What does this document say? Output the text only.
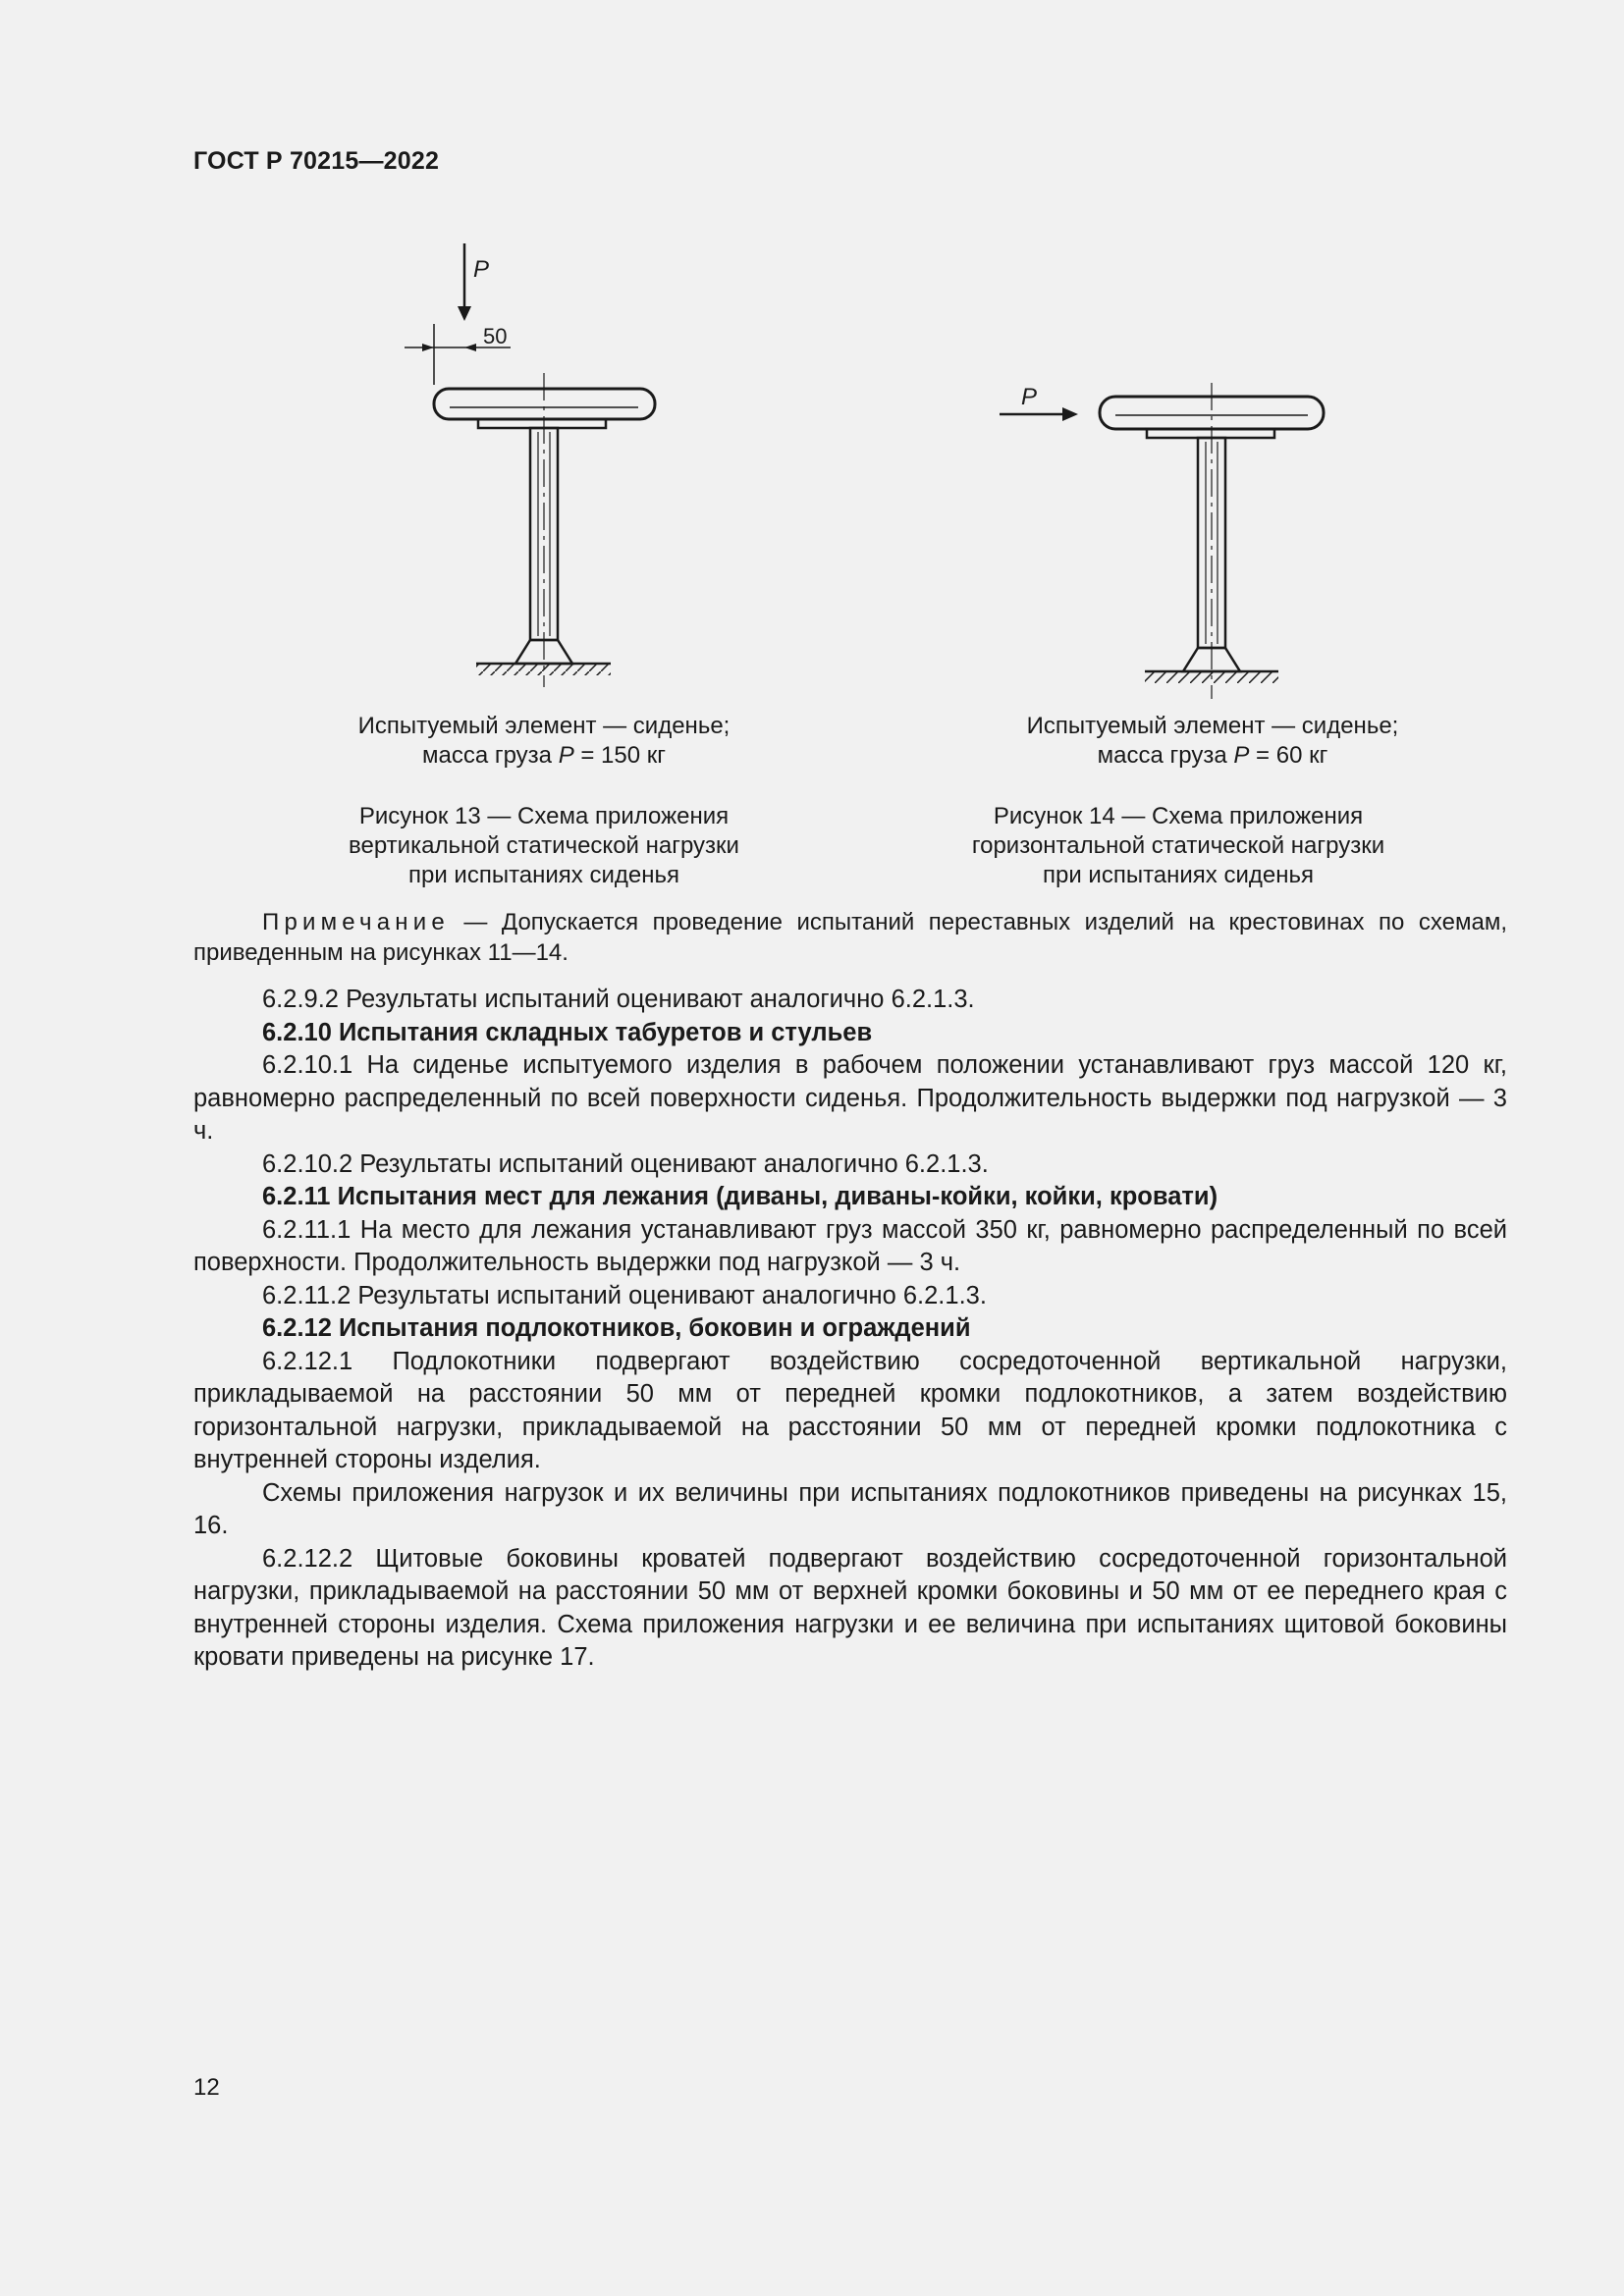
ГОСТ Р 70215—2022
P
50
P
Испытуемый элемент — сиденье;
масса груза P = 150 кг
Рисунок 13 — Схема приложения
вертикальной статической нагрузки
при испытаниях сиденья
Испытуемый элемент — сиденье;
масса груза P = 60 кг
Рисунок 14 — Схема приложения
горизонтальной статической нагрузки
при испытаниях сиденья

Примечание — Допускается проведение испытаний переставных изделий на крестовинах по схемам, приведенным на рисунках 11—14.

6.2.9.2 Результаты испытаний оценивают аналогично 6.2.1.3.

6.2.10 Испытания складных табуретов и стульев

6.2.10.1 На сиденье испытуемого изделия в рабочем положении устанавливают груз массой 120 кг, равномерно распределенный по всей поверхности сиденья. Продолжительность выдержки под нагрузкой — 3 ч.

6.2.10.2 Результаты испытаний оценивают аналогично 6.2.1.3.

6.2.11 Испытания мест для лежания (диваны, диваны-койки, койки, кровати)

6.2.11.1 На место для лежания устанавливают груз массой 350 кг, равномерно распределенный по всей поверхности. Продолжительность выдержки под нагрузкой — 3 ч.

6.2.11.2 Результаты испытаний оценивают аналогично 6.2.1.3.

6.2.12 Испытания подлокотников, боковин и ограждений

6.2.12.1 Подлокотники подвергают воздействию сосредоточенной вертикальной нагрузки, прикладываемой на расстоянии 50 мм от передней кромки подлокотников, а затем воздействию горизонтальной нагрузки, прикладываемой на расстоянии 50 мм от передней кромки подлокотника с внутренней стороны изделия.

Схемы приложения нагрузок и их величины при испытаниях подлокотников приведены на рисунках 15, 16.

6.2.12.2 Щитовые боковины кроватей подвергают воздействию сосредоточенной горизонтальной нагрузки, прикладываемой на расстоянии 50 мм от верхней кромки боковины и 50 мм от ее переднего края с внутренней стороны изделия. Схема приложения нагрузки и ее величина при испытаниях щитовой боковины кровати приведены на рисунке 17.

12
